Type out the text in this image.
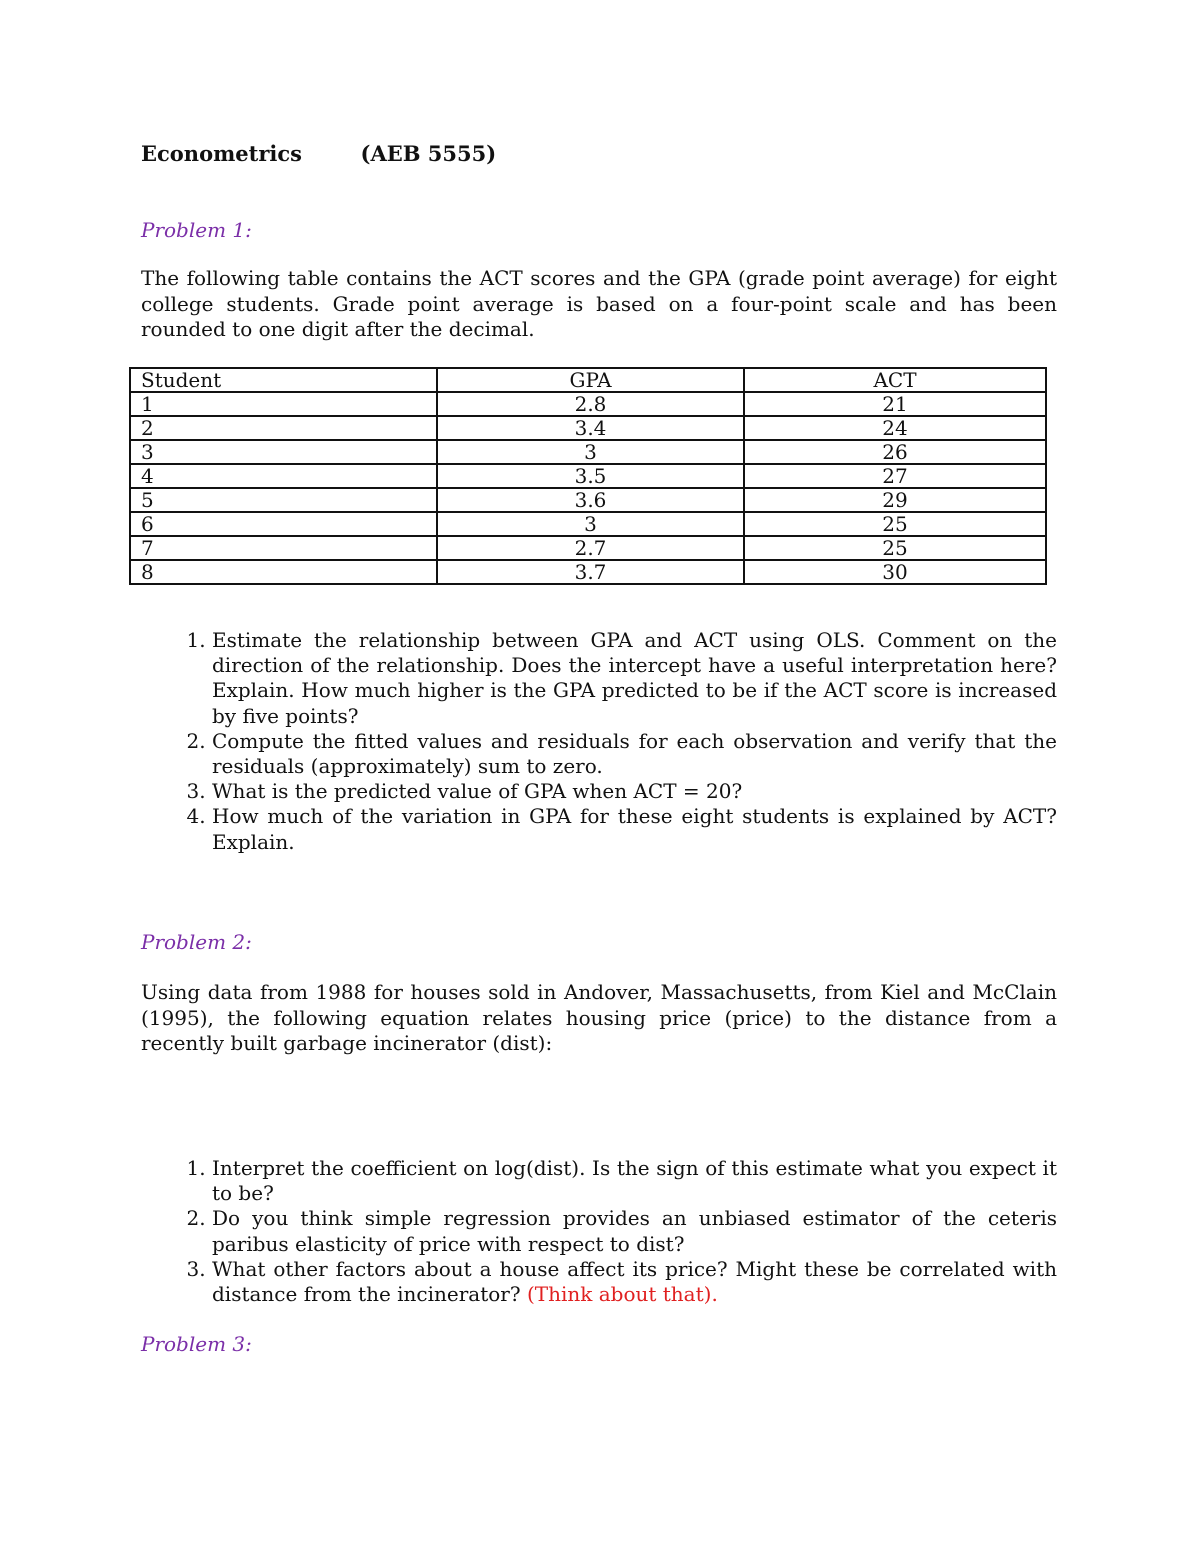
Econometrics	(AEB 5555)
Problem 1:
The following table contains the ACT scores and the GPA (grade point average) for eight college students. Grade point average is based on a four-point scale and has been rounded to one digit after the decimal.
Student	GPA	ACT
1	2.8	21
2	3.4	24
3	3	26
4	3.5	27
5	3.6	29
6	3	25
7	2.7	25
8	3.7	30
1. Estimate the relationship between GPA and ACT using OLS. Comment on the direction of the relationship. Does the intercept have a useful interpretation here? Explain. How much higher is the GPA predicted to be if the ACT score is increased by five points?
2. Compute the fitted values and residuals for each observation and verify that the residuals (approximately) sum to zero.
3. What is the predicted value of GPA when ACT = 20?
4. How much of the variation in GPA for these eight students is explained by ACT? Explain.
Problem 2:
Using data from 1988 for houses sold in Andover, Massachusetts, from Kiel and McClain (1995), the following equation relates housing price (price) to the distance from a recently built garbage incinerator (dist):
1. Interpret the coefficient on log(dist). Is the sign of this estimate what you expect it to be?
2. Do you think simple regression provides an unbiased estimator of the ceteris paribus elasticity of price with respect to dist?
3. What other factors about a house affect its price? Might these be correlated with distance from the incinerator? (Think about that).
Problem 3:
